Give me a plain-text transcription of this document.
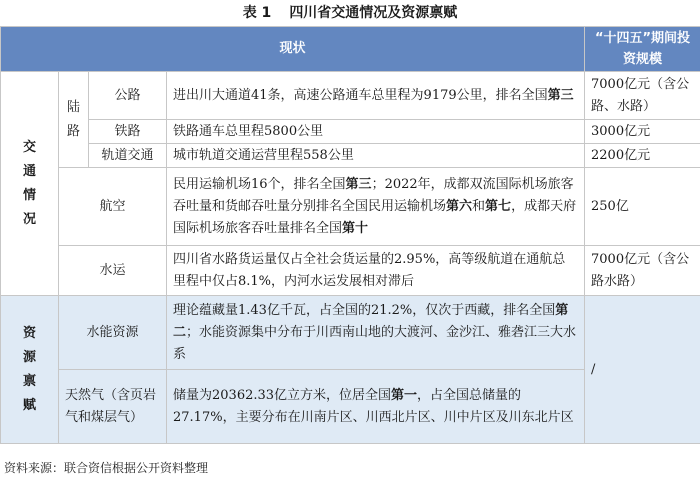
表 1 四川省交通情况及资源禀赋
现状				“十四五”期间投资规模
交通情况	陆路	公路	进出川大通道41条，高速公路通车总里程为9179公里，排名全国第三	7000亿元（含公路、水路）
		铁路	铁路通车总里程5800公里	3000亿元
		轨道交通	城市轨道交通运营里程558公里	2200亿元
	航空		民用运输机场16个，排名全国第三；2022年，成都双流国际机场旅客吞吐量和货邮吞吐量分别排名全国民用运输机场第六和第七，成都天府国际机场旅客吞吐量排名全国第十	250亿
	水运		四川省水路货运量仅占全社会货运量的2.95%，高等级航道在通航总里程中仅占8.1%，内河水运发展相对滞后	7000亿元（含公路水路）
资源禀赋	水能资源		理论蕴藏量1.43亿千瓦，占全国的21.2%，仅次于西藏，排名全国第二；水能资源集中分布于川西南山地的大渡河、金沙江、雅砻江三大水系	/
	天然气（含页岩气和煤层气）		储量为20362.33亿立方米，位居全国第一，占全国总储量的27.17%，主要分布在川南片区、川西北片区、川中片区及川东北片区	
资料来源：联合资信根据公开资料整理
